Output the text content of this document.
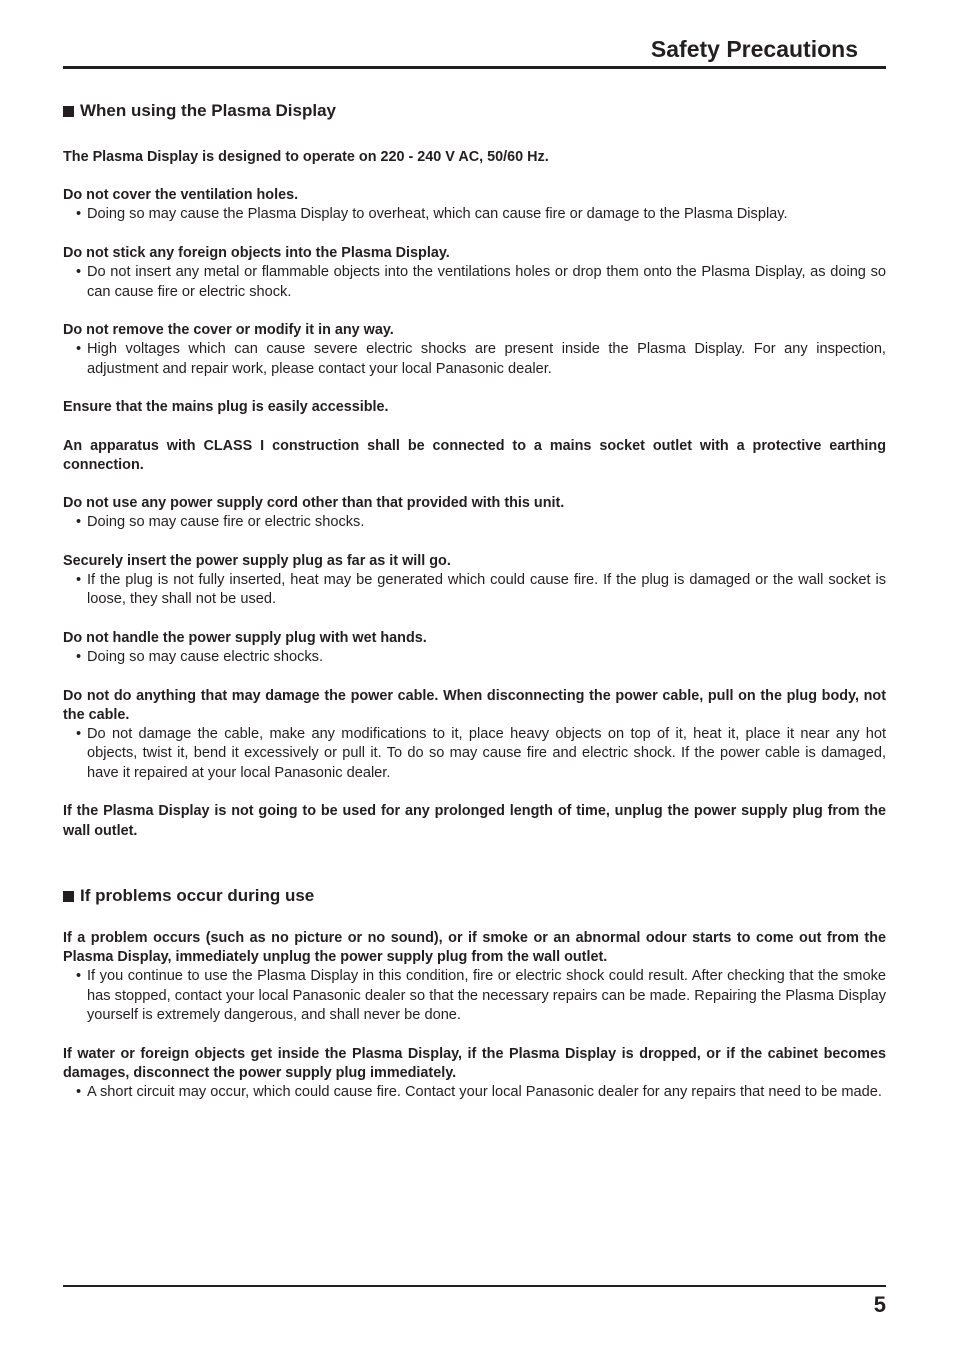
Safety Precautions
When using the Plasma Display

The Plasma Display is designed to operate on 220 - 240 V AC, 50/60 Hz.

Do not cover the ventilation holes.

• Doing so may cause the Plasma Display to overheat, which can cause fire or damage to the Plasma Display.

Do not stick any foreign objects into the Plasma Display.

• Do not insert any metal or flammable objects into the ventilations holes or drop them onto the Plasma Display, as doing so can cause fire or electric shock.

Do not remove the cover or modify it in any way.

• High voltages which can cause severe electric shocks are present inside the Plasma Display. For any inspection, adjustment and repair work, please contact your local Panasonic dealer.

Ensure that the mains plug is easily accessible.

An apparatus with CLASS I construction shall be connected to a mains socket outlet with a protective earthing connection.

Do not use any power supply cord other than that provided with this unit.

• Doing so may cause fire or electric shocks.

Securely insert the power supply plug as far as it will go.

• If the plug is not fully inserted, heat may be generated which could cause fire. If the plug is damaged or the wall socket is loose, they shall not be used.

Do not handle the power supply plug with wet hands.

• Doing so may cause electric shocks.

Do not do anything that may damage the power cable. When disconnecting the power cable, pull on the plug body, not the cable.

• Do not damage the cable, make any modifications to it, place heavy objects on top of it, heat it, place it near any hot objects, twist it, bend it excessively or pull it. To do so may cause fire and electric shock. If the power cable is damaged, have it repaired at your local Panasonic dealer.

If the Plasma Display is not going to be used for any prolonged length of time, unplug the power supply plug from the wall outlet.

If problems occur during use

If a problem occurs (such as no picture or no sound), or if smoke or an abnormal odour starts to come out from the Plasma Display, immediately unplug the power supply plug from the wall outlet.

• If you continue to use the Plasma Display in this condition, fire or electric shock could result. After checking that the smoke has stopped, contact your local Panasonic dealer so that the necessary repairs can be made. Repairing the Plasma Display yourself is extremely dangerous, and shall never be done.

If water or foreign objects get inside the Plasma Display, if the Plasma Display is dropped, or if the cabinet becomes damages, disconnect the power supply plug immediately.

• A short circuit may occur, which could cause fire. Contact your local Panasonic dealer for any repairs that need to be made.

5
